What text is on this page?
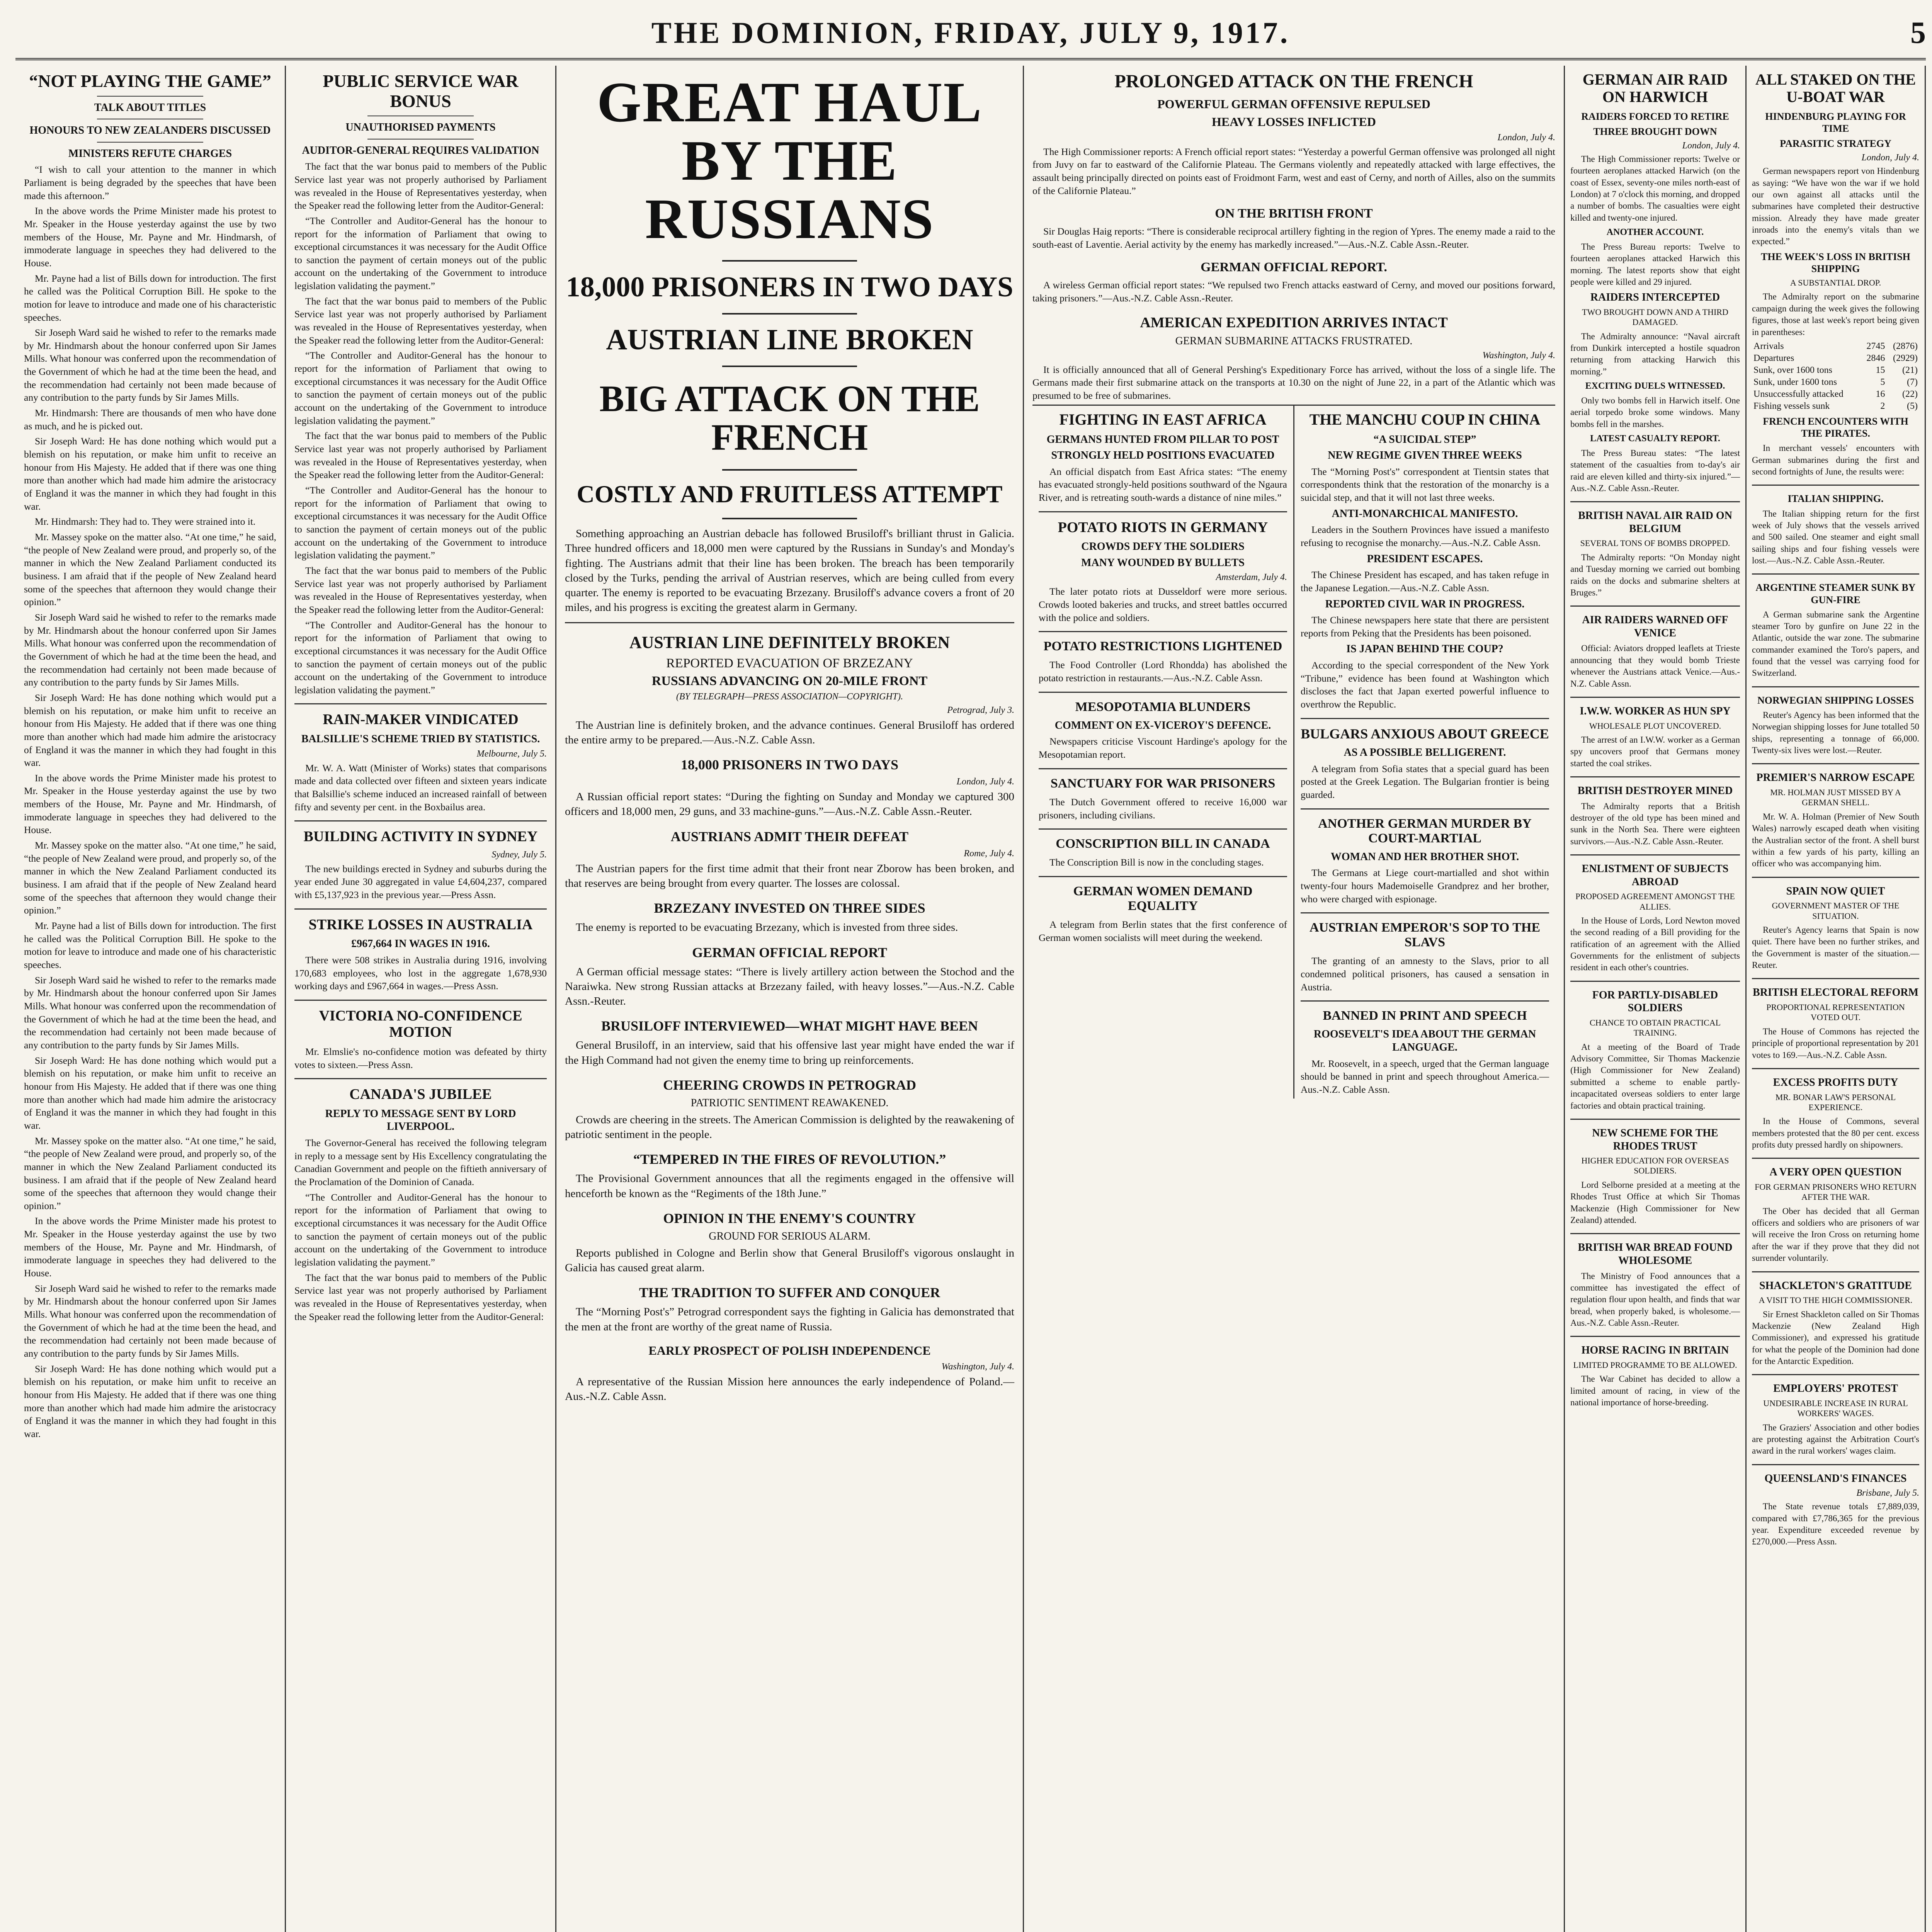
THE DOMINION, FRIDAY, JULY 9, 1917.	5
“NOT PLAYING THE GAME”
TALK ABOUT TITLES
HONOURS TO NEW ZEALANDERS DISCUSSED
MINISTERS REFUTE CHARGES

“I wish to call your attention to the manner in which Parliament is being degraded by the speeches that have been made this afternoon.”

In the above words the Prime Minister made his protest to Mr. Speaker in the House yesterday against the use by two members of the House, Mr. Payne and Mr. Hindmarsh, of immoderate language in speeches they had delivered to the House.

Mr. Payne had a list of Bills down for introduction. The first he called was the Political Corruption Bill. He spoke to the motion for leave to introduce and made one of his characteristic speeches.

Sir Joseph Ward said he wished to refer to the remarks made by Mr. Hindmarsh about the honour conferred upon Sir James Mills. What honour was conferred upon the recommendation of the Government of which he had at the time been the head, and the recommendation had certainly not been made because of any contribution to the party funds by Sir James Mills.

Mr. Hindmarsh: There are thousands of men who have done as much, and he is picked out.

Sir Joseph Ward: He has done nothing which would put a blemish on his reputation, or make him unfit to receive an honour from His Majesty. He added that if there was one thing more than another which had made him admire the aristocracy of England it was the manner in which they had fought in this war.

Mr. Hindmarsh: They had to. They were strained into it.

Mr. Massey spoke on the matter also. “At one time,” he said, “the people of New Zealand were proud, and properly so, of the manner in which the New Zealand Parliament conducted its business. I am afraid that if the people of New Zealand heard some of the speeches that afternoon they would change their opinion.”

Sir Joseph Ward said he wished to refer to the remarks made by Mr. Hindmarsh about the honour conferred upon Sir James Mills. What honour was conferred upon the recommendation of the Government of which he had at the time been the head, and the recommendation had certainly not been made because of any contribution to the party funds by Sir James Mills.

Sir Joseph Ward: He has done nothing which would put a blemish on his reputation, or make him unfit to receive an honour from His Majesty. He added that if there was one thing more than another which had made him admire the aristocracy of England it was the manner in which they had fought in this war.

In the above words the Prime Minister made his protest to Mr. Speaker in the House yesterday against the use by two members of the House, Mr. Payne and Mr. Hindmarsh, of immoderate language in speeches they had delivered to the House.

Mr. Massey spoke on the matter also. “At one time,” he said, “the people of New Zealand were proud, and properly so, of the manner in which the New Zealand Parliament conducted its business. I am afraid that if the people of New Zealand heard some of the speeches that afternoon they would change their opinion.”

Mr. Payne had a list of Bills down for introduction. The first he called was the Political Corruption Bill. He spoke to the motion for leave to introduce and made one of his characteristic speeches.

Sir Joseph Ward said he wished to refer to the remarks made by Mr. Hindmarsh about the honour conferred upon Sir James Mills. What honour was conferred upon the recommendation of the Government of which he had at the time been the head, and the recommendation had certainly not been made because of any contribution to the party funds by Sir James Mills.

Sir Joseph Ward: He has done nothing which would put a blemish on his reputation, or make him unfit to receive an honour from His Majesty. He added that if there was one thing more than another which had made him admire the aristocracy of England it was the manner in which they had fought in this war.

Mr. Massey spoke on the matter also. “At one time,” he said, “the people of New Zealand were proud, and properly so, of the manner in which the New Zealand Parliament conducted its business. I am afraid that if the people of New Zealand heard some of the speeches that afternoon they would change their opinion.”

In the above words the Prime Minister made his protest to Mr. Speaker in the House yesterday against the use by two members of the House, Mr. Payne and Mr. Hindmarsh, of immoderate language in speeches they had delivered to the House.

Sir Joseph Ward said he wished to refer to the remarks made by Mr. Hindmarsh about the honour conferred upon Sir James Mills. What honour was conferred upon the recommendation of the Government of which he had at the time been the head, and the recommendation had certainly not been made because of any contribution to the party funds by Sir James Mills.

Sir Joseph Ward: He has done nothing which would put a blemish on his reputation, or make him unfit to receive an honour from His Majesty. He added that if there was one thing more than another which had made him admire the aristocracy of England it was the manner in which they had fought in this war.

PUBLIC SERVICE WAR BONUS
UNAUTHORISED PAYMENTS
AUDITOR-GENERAL REQUIRES VALIDATION

The fact that the war bonus paid to members of the Public Service last year was not properly authorised by Parliament was revealed in the House of Representatives yesterday, when the Speaker read the following letter from the Auditor-General:

“The Controller and Auditor-General has the honour to report for the information of Parliament that owing to exceptional circumstances it was necessary for the Audit Office to sanction the payment of certain moneys out of the public account on the undertaking of the Government to introduce legislation validating the payment.”

The fact that the war bonus paid to members of the Public Service last year was not properly authorised by Parliament was revealed in the House of Representatives yesterday, when the Speaker read the following letter from the Auditor-General:

“The Controller and Auditor-General has the honour to report for the information of Parliament that owing to exceptional circumstances it was necessary for the Audit Office to sanction the payment of certain moneys out of the public account on the undertaking of the Government to introduce legislation validating the payment.”

The fact that the war bonus paid to members of the Public Service last year was not properly authorised by Parliament was revealed in the House of Representatives yesterday, when the Speaker read the following letter from the Auditor-General:

“The Controller and Auditor-General has the honour to report for the information of Parliament that owing to exceptional circumstances it was necessary for the Audit Office to sanction the payment of certain moneys out of the public account on the undertaking of the Government to introduce legislation validating the payment.”

The fact that the war bonus paid to members of the Public Service last year was not properly authorised by Parliament was revealed in the House of Representatives yesterday, when the Speaker read the following letter from the Auditor-General:

“The Controller and Auditor-General has the honour to report for the information of Parliament that owing to exceptional circumstances it was necessary for the Audit Office to sanction the payment of certain moneys out of the public account on the undertaking of the Government to introduce legislation validating the payment.”

RAIN-MAKER VINDICATED
BALSILLIE'S SCHEME TRIED BY STATISTICS.
Melbourne, July 5.

Mr. W. A. Watt (Minister of Works) states that comparisons made and data collected over fifteen and sixteen years indicate that Balsillie's scheme induced an increased rainfall of between fifty and seventy per cent. in the Boxbailus area.

BUILDING ACTIVITY IN SYDNEY
Sydney, July 5.

The new buildings erected in Sydney and suburbs during the year ended June 30 aggregated in value £4,604,237, compared with £5,137,923 in the previous year.—Press Assn.

STRIKE LOSSES IN AUSTRALIA
£967,664 IN WAGES IN 1916.

There were 508 strikes in Australia during 1916, involving 170,683 employees, who lost in the aggregate 1,678,930 working days and £967,664 in wages.—Press Assn.

VICTORIA NO-CONFIDENCE MOTION

Mr. Elmslie's no-confidence motion was defeated by thirty votes to sixteen.—Press Assn.

CANADA'S JUBILEE
REPLY TO MESSAGE SENT BY LORD LIVERPOOL.

The Governor-General has received the following telegram in reply to a message sent by His Excellency congratulating the Canadian Government and people on the fiftieth anniversary of the Proclamation of the Dominion of Canada.

“The Controller and Auditor-General has the honour to report for the information of Parliament that owing to exceptional circumstances it was necessary for the Audit Office to sanction the payment of certain moneys out of the public account on the undertaking of the Government to introduce legislation validating the payment.”

The fact that the war bonus paid to members of the Public Service last year was not properly authorised by Parliament was revealed in the House of Representatives yesterday, when the Speaker read the following letter from the Auditor-General:

GREAT HAUL BY THE RUSSIANS
18,000 PRISONERS IN TWO DAYS
AUSTRIAN LINE BROKEN
BIG ATTACK ON THE FRENCH
COSTLY AND FRUITLESS ATTEMPT

Something approaching an Austrian debacle has followed Brusiloff's brilliant thrust in Galicia. Three hundred officers and 18,000 men were captured by the Russians in Sunday's and Monday's fighting. The Austrians admit that their line has been broken. The breach has been temporarily closed by the Turks, pending the arrival of Austrian reserves, which are being culled from every quarter. The enemy is reported to be evacuating Brzezany. Brusiloff's advance covers a front of 20 miles, and his progress is exciting the greatest alarm in Germany.

AUSTRIAN LINE DEFINITELY BROKEN
REPORTED EVACUATION OF BRZEZANY
RUSSIANS ADVANCING ON 20-MILE FRONT
(BY TELEGRAPH—PRESS ASSOCIATION—COPYRIGHT).
Petrograd, July 3.

The Austrian line is definitely broken, and the advance continues. General Brusiloff has ordered the entire army to be prepared.—Aus.-N.Z. Cable Assn.

18,000 PRISONERS IN TWO DAYS
London, July 4.

A Russian official report states: “During the fighting on Sunday and Monday we captured 300 officers and 18,000 men, 29 guns, and 33 machine-guns.”—Aus.-N.Z. Cable Assn.-Reuter.

AUSTRIANS ADMIT THEIR DEFEAT
Rome, July 4.

The Austrian papers for the first time admit that their front near Zborow has been broken, and that reserves are being brought from every quarter. The losses are colossal.

BRZEZANY INVESTED ON THREE SIDES

The enemy is reported to be evacuating Brzezany, which is invested from three sides.

GERMAN OFFICIAL REPORT

A German official message states: “There is lively artillery action between the Stochod and the Naraiwka. New strong Russian attacks at Brzezany failed, with heavy losses.”—Aus.-N.Z. Cable Assn.-Reuter.

BRUSILOFF INTERVIEWED—WHAT MIGHT HAVE BEEN

General Brusiloff, in an interview, said that his offensive last year might have ended the war if the High Command had not given the enemy time to bring up reinforcements.

CHEERING CROWDS IN PETROGRAD
PATRIOTIC SENTIMENT REAWAKENED.

Crowds are cheering in the streets. The American Commission is delighted by the reawakening of patriotic sentiment in the people.

“TEMPERED IN THE FIRES OF REVOLUTION.”

The Provisional Government announces that all the regiments engaged in the offensive will henceforth be known as the “Regiments of the 18th June.”

OPINION IN THE ENEMY'S COUNTRY
GROUND FOR SERIOUS ALARM.

Reports published in Cologne and Berlin show that General Brusiloff's vigorous onslaught in Galicia has caused great alarm.

THE TRADITION TO SUFFER AND CONQUER

The “Morning Post's” Petrograd correspondent says the fighting in Galicia has demonstrated that the men at the front are worthy of the great name of Russia.

EARLY PROSPECT OF POLISH INDEPENDENCE
Washington, July 4.

A representative of the Russian Mission here announces the early independence of Poland.—Aus.-N.Z. Cable Assn.

PROLONGED ATTACK ON THE FRENCH
POWERFUL GERMAN OFFENSIVE REPULSED
HEAVY LOSSES INFLICTED
London, July 4.

The High Commissioner reports: A French official report states: “Yesterday a powerful German offensive was prolonged all night from Juvy on far to eastward of the Californie Plateau. The Germans violently and repeatedly attacked with large effectives, the assault being principally directed on points east of Froidmont Farm, west and east of Cerny, and north of Ailles, also on the summits of the Californie Plateau.”

ON THE BRITISH FRONT

Sir Douglas Haig reports: “There is considerable reciprocal artillery fighting in the region of Ypres. The enemy made a raid to the south-east of Laventie. Aerial activity by the enemy has markedly increased.”—Aus.-N.Z. Cable Assn.-Reuter.

GERMAN OFFICIAL REPORT.

A wireless German official report states: “We repulsed two French attacks eastward of Cerny, and moved our positions forward, taking prisoners.”—Aus.-N.Z. Cable Assn.-Reuter.

AMERICAN EXPEDITION ARRIVES INTACT
GERMAN SUBMARINE ATTACKS FRUSTRATED.
Washington, July 4.

It is officially announced that all of General Pershing's Expeditionary Force has arrived, without the loss of a single life. The Germans made their first submarine attack on the transports at 10.30 on the night of June 22, in a part of the Atlantic which was presumed to be free of submarines.

FIGHTING IN EAST AFRICA
GERMANS HUNTED FROM PILLAR TO POST
STRONGLY HELD POSITIONS EVACUATED

An official dispatch from East Africa states: “The enemy has evacuated strongly-held positions southward of the Ngaura River, and is retreating south-wards a distance of nine miles.”

POTATO RIOTS IN GERMANY
CROWDS DEFY THE SOLDIERS
MANY WOUNDED BY BULLETS
Amsterdam, July 4.

The later potato riots at Dusseldorf were more serious. Crowds looted bakeries and trucks, and street battles occurred with the police and soldiers.

POTATO RESTRICTIONS LIGHTENED

The Food Controller (Lord Rhondda) has abolished the potato restriction in restaurants.—Aus.-N.Z. Cable Assn.

MESOPOTAMIA BLUNDERS
COMMENT ON EX-VICEROY'S DEFENCE.

Newspapers criticise Viscount Hardinge's apology for the Mesopotamian report.

SANCTUARY FOR WAR PRISONERS

The Dutch Government offered to receive 16,000 war prisoners, including civilians.

CONSCRIPTION BILL IN CANADA

The Conscription Bill is now in the concluding stages.

GERMAN WOMEN DEMAND EQUALITY

A telegram from Berlin states that the first conference of German women socialists will meet during the weekend.

THE MANCHU COUP IN CHINA
“A SUICIDAL STEP”
NEW REGIME GIVEN THREE WEEKS

The “Morning Post's” correspondent at Tientsin states that correspondents think that the restoration of the monarchy is a suicidal step, and that it will not last three weeks.

ANTI-MONARCHICAL MANIFESTO.

Leaders in the Southern Provinces have issued a manifesto refusing to recognise the monarchy.—Aus.-N.Z. Cable Assn.

PRESIDENT ESCAPES.

The Chinese President has escaped, and has taken refuge in the Japanese Legation.—Aus.-N.Z. Cable Assn.

REPORTED CIVIL WAR IN PROGRESS.

The Chinese newspapers here state that there are persistent reports from Peking that the Presidents has been poisoned.

IS JAPAN BEHIND THE COUP?

According to the special correspondent of the New York “Tribune,” evidence has been found at Washington which discloses the fact that Japan exerted powerful influence to overthrow the Republic.

BULGARS ANXIOUS ABOUT GREECE
AS A POSSIBLE BELLIGERENT.

A telegram from Sofia states that a special guard has been posted at the Greek Legation. The Bulgarian frontier is being guarded.

ANOTHER GERMAN MURDER BY COURT-MARTIAL
WOMAN AND HER BROTHER SHOT.

The Germans at Liege court-martialled and shot within twenty-four hours Mademoiselle Grandprez and her brother, who were charged with espionage.

AUSTRIAN EMPEROR'S SOP TO THE SLAVS

The granting of an amnesty to the Slavs, prior to all condemned political prisoners, has caused a sensation in Austria.

BANNED IN PRINT AND SPEECH
ROOSEVELT'S IDEA ABOUT THE GERMAN LANGUAGE.

Mr. Roosevelt, in a speech, urged that the German language should be banned in print and speech throughout America.—Aus.-N.Z. Cable Assn.

GERMAN AIR RAID ON HARWICH
RAIDERS FORCED TO RETIRE
THREE BROUGHT DOWN
London, July 4.

The High Commissioner reports: Twelve or fourteen aeroplanes attacked Harwich (on the coast of Essex, seventy-one miles north-east of London) at 7 o'clock this morning, and dropped a number of bombs. The casualties were eight killed and twenty-one injured.

ANOTHER ACCOUNT.

The Press Bureau reports: Twelve to fourteen aeroplanes attacked Harwich this morning. The latest reports show that eight people were killed and 29 injured.

RAIDERS INTERCEPTED
TWO BROUGHT DOWN AND A THIRD DAMAGED.

The Admiralty announce: “Naval aircraft from Dunkirk intercepted a hostile squadron returning from attacking Harwich this morning.”

EXCITING DUELS WITNESSED.

Only two bombs fell in Harwich itself. One aerial torpedo broke some windows. Many bombs fell in the marshes.

LATEST CASUALTY REPORT.

The Press Bureau states: “The latest statement of the casualties from to-day's air raid are eleven killed and thirty-six injured.”—Aus.-N.Z. Cable Assn.-Reuter.

BRITISH NAVAL AIR RAID ON BELGIUM
SEVERAL TONS OF BOMBS DROPPED.

The Admiralty reports: “On Monday night and Tuesday morning we carried out bombing raids on the docks and submarine shelters at Bruges.”

AIR RAIDERS WARNED OFF VENICE

Official: Aviators dropped leaflets at Trieste announcing that they would bomb Trieste whenever the Austrians attack Venice.—Aus.-N.Z. Cable Assn.

I.W.W. WORKER AS HUN SPY
WHOLESALE PLOT UNCOVERED.

The arrest of an I.W.W. worker as a German spy uncovers proof that Germans money started the coal strikes.

BRITISH DESTROYER MINED

The Admiralty reports that a British destroyer of the old type has been mined and sunk in the North Sea. There were eighteen survivors.—Aus.-N.Z. Cable Assn.-Reuter.

ENLISTMENT OF SUBJECTS ABROAD
PROPOSED AGREEMENT AMONGST THE ALLIES.

In the House of Lords, Lord Newton moved the second reading of a Bill providing for the ratification of an agreement with the Allied Governments for the enlistment of subjects resident in each other's countries.

FOR PARTLY-DISABLED SOLDIERS
CHANCE TO OBTAIN PRACTICAL TRAINING.

At a meeting of the Board of Trade Advisory Committee, Sir Thomas Mackenzie (High Commissioner for New Zealand) submitted a scheme to enable partly-incapacitated overseas soldiers to enter large factories and obtain practical training.

NEW SCHEME FOR THE RHODES TRUST
HIGHER EDUCATION FOR OVERSEAS SOLDIERS.

Lord Selborne presided at a meeting at the Rhodes Trust Office at which Sir Thomas Mackenzie (High Commissioner for New Zealand) attended.

BRITISH WAR BREAD FOUND WHOLESOME

The Ministry of Food announces that a committee has investigated the effect of regulation flour upon health, and finds that war bread, when properly baked, is wholesome.—Aus.-N.Z. Cable Assn.-Reuter.

HORSE RACING IN BRITAIN
LIMITED PROGRAMME TO BE ALLOWED.

The War Cabinet has decided to allow a limited amount of racing, in view of the national importance of horse-breeding.

ALL STAKED ON THE U-BOAT WAR
HINDENBURG PLAYING FOR TIME
PARASITIC STRATEGY
London, July 4.

German newspapers report von Hindenburg as saying: “We have won the war if we hold our own against all attacks until the submarines have completed their destructive mission. Already they have made greater inroads into the enemy's vitals than we expected.”

THE WEEK'S LOSS IN BRITISH SHIPPING
A SUBSTANTIAL DROP.

The Admiralty report on the submarine campaign during the week gives the following figures, those at last week's report being given in parentheses:

Arrivals	2745	(2876)
Departures	2846	(2929)
Sunk, over 1600 tons	15	(21)
Sunk, under 1600 tons	5	(7)
Unsuccessfully attacked	16	(22)
Fishing vessels sunk	2	(5)
FRENCH ENCOUNTERS WITH THE PIRATES.

In merchant vessels' encounters with German submarines during the first and second fortnights of June, the results were:

ITALIAN SHIPPING.

The Italian shipping return for the first week of July shows that the vessels arrived and 500 sailed. One steamer and eight small sailing ships and four fishing vessels were lost.—Aus.-N.Z. Cable Assn.-Reuter.

ARGENTINE STEAMER SUNK BY GUN-FIRE

A German submarine sank the Argentine steamer Toro by gunfire on June 22 in the Atlantic, outside the war zone. The submarine commander examined the Toro's papers, and found that the vessel was carrying food for Switzerland.

NORWEGIAN SHIPPING LOSSES

Reuter's Agency has been informed that the Norwegian shipping losses for June totalled 50 ships, representing a tonnage of 66,000. Twenty-six lives were lost.—Reuter.

PREMIER'S NARROW ESCAPE
MR. HOLMAN JUST MISSED BY A GERMAN SHELL.

Mr. W. A. Holman (Premier of New South Wales) narrowly escaped death when visiting the Australian sector of the front. A shell burst within a few yards of his party, killing an officer who was accompanying him.

SPAIN NOW QUIET
GOVERNMENT MASTER OF THE SITUATION.

Reuter's Agency learns that Spain is now quiet. There have been no further strikes, and the Government is master of the situation.—Reuter.

BRITISH ELECTORAL REFORM
PROPORTIONAL REPRESENTATION VOTED OUT.

The House of Commons has rejected the principle of proportional representation by 201 votes to 169.—Aus.-N.Z. Cable Assn.

EXCESS PROFITS DUTY
MR. BONAR LAW'S PERSONAL EXPERIENCE.

In the House of Commons, several members protested that the 80 per cent. excess profits duty pressed hardly on shipowners.

A VERY OPEN QUESTION
FOR GERMAN PRISONERS WHO RETURN AFTER THE WAR.

The Ober has decided that all German officers and soldiers who are prisoners of war will receive the Iron Cross on returning home after the war if they prove that they did not surrender voluntarily.

SHACKLETON'S GRATITUDE
A VISIT TO THE HIGH COMMISSIONER.

Sir Ernest Shackleton called on Sir Thomas Mackenzie (New Zealand High Commissioner), and expressed his gratitude for what the people of the Dominion had done for the Antarctic Expedition.

EMPLOYERS' PROTEST
UNDESIRABLE INCREASE IN RURAL WORKERS' WAGES.

The Graziers' Association and other bodies are protesting against the Arbitration Court's award in the rural workers' wages claim.

QUEENSLAND'S FINANCES
Brisbane, July 5.

The State revenue totals £7,889,039, compared with £7,786,365 for the previous year. Expenditure exceeded revenue by £270,000.—Press Assn.
